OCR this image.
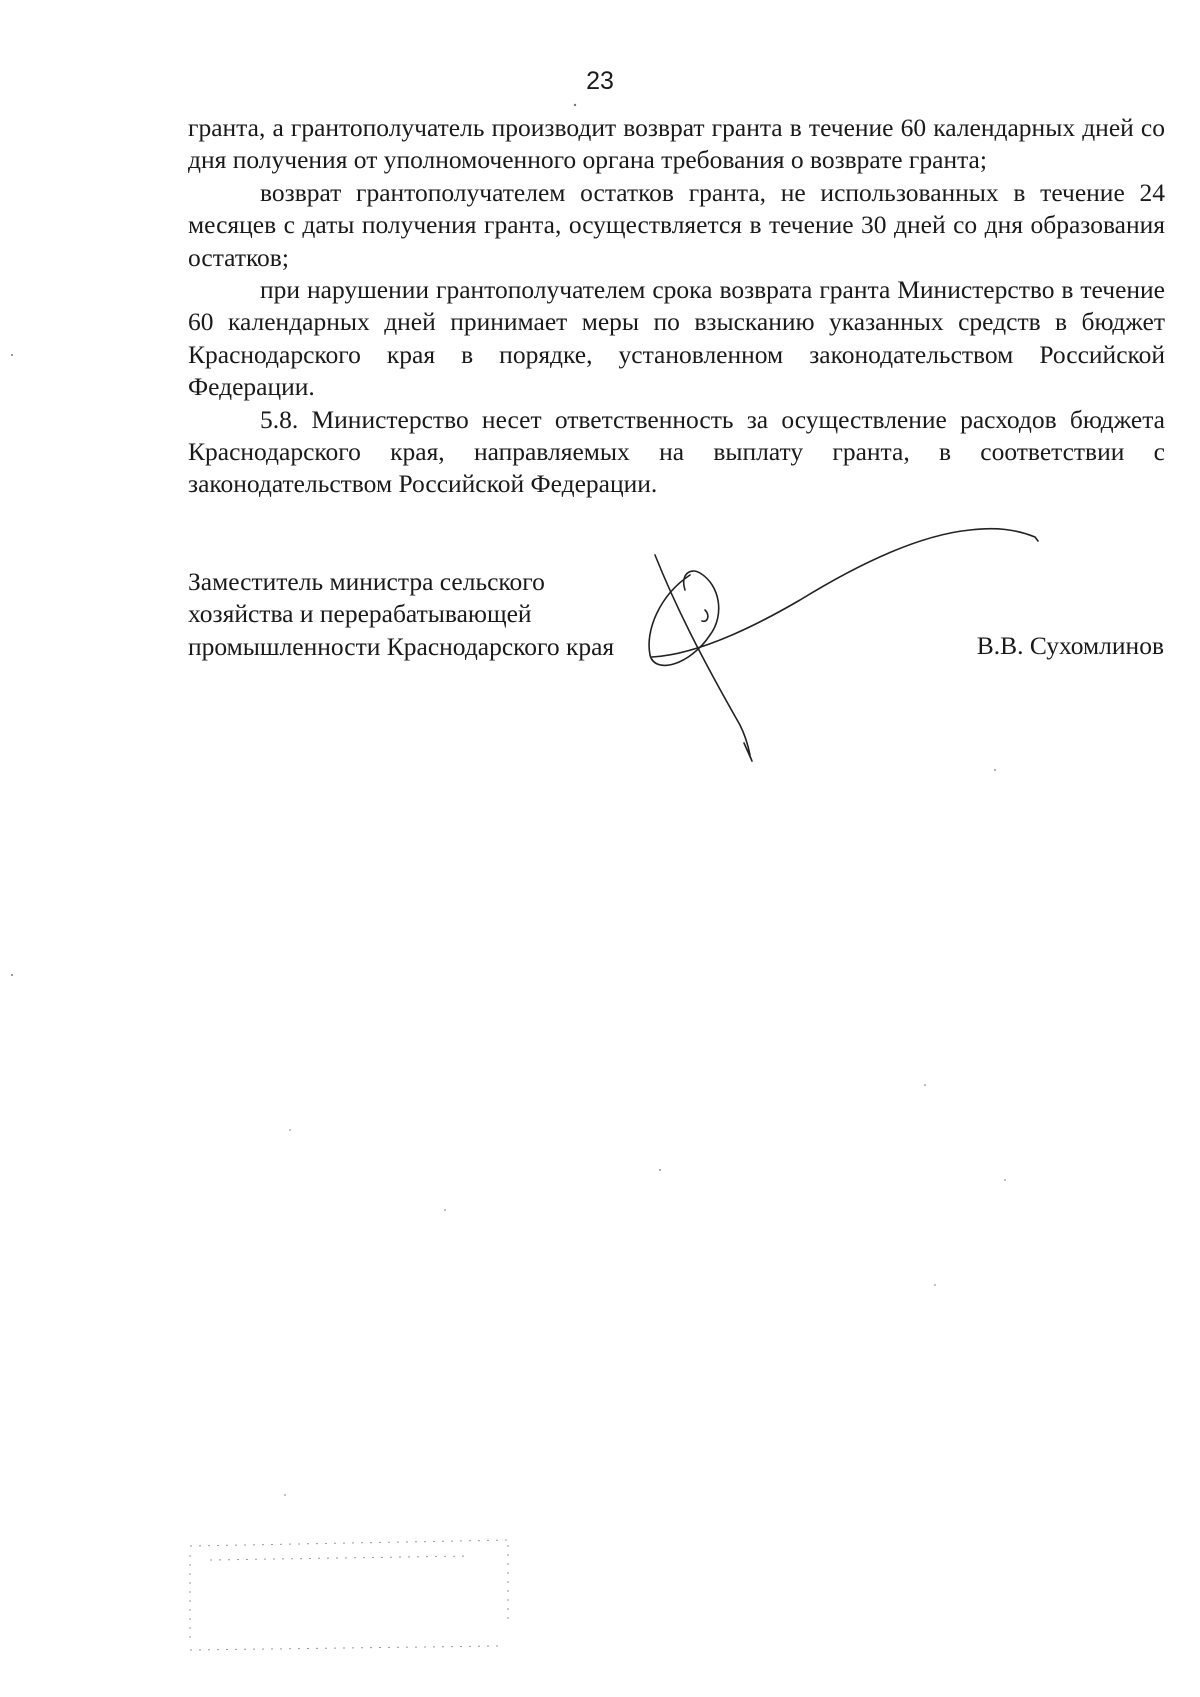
23

гранта, а грантополучатель производит возврат гранта в течение 60 календарных дней со дня получения от уполномоченного органа требования о возврате гранта;

возврат грантополучателем остатков гранта, не использованных в течение 24 месяцев с даты получения гранта, осуществляется в течение 30 дней со дня образования остатков;

при нарушении грантополучателем срока возврата гранта Министерство в течение 60 календарных дней принимает меры по взысканию указанных средств в бюджет Краснодарского края в порядке, установленном законодательством Российской Федерации.

5.8. Министерство несет ответственность за осуществление расходов бюджета Краснодарского края, направляемых на выплату гранта, в соответствии с законодательством Российской Федерации.

Заместитель министра сельского
хозяйства и перерабатывающей
промышленности Краснодарского края	В.В. Сухомлинов
